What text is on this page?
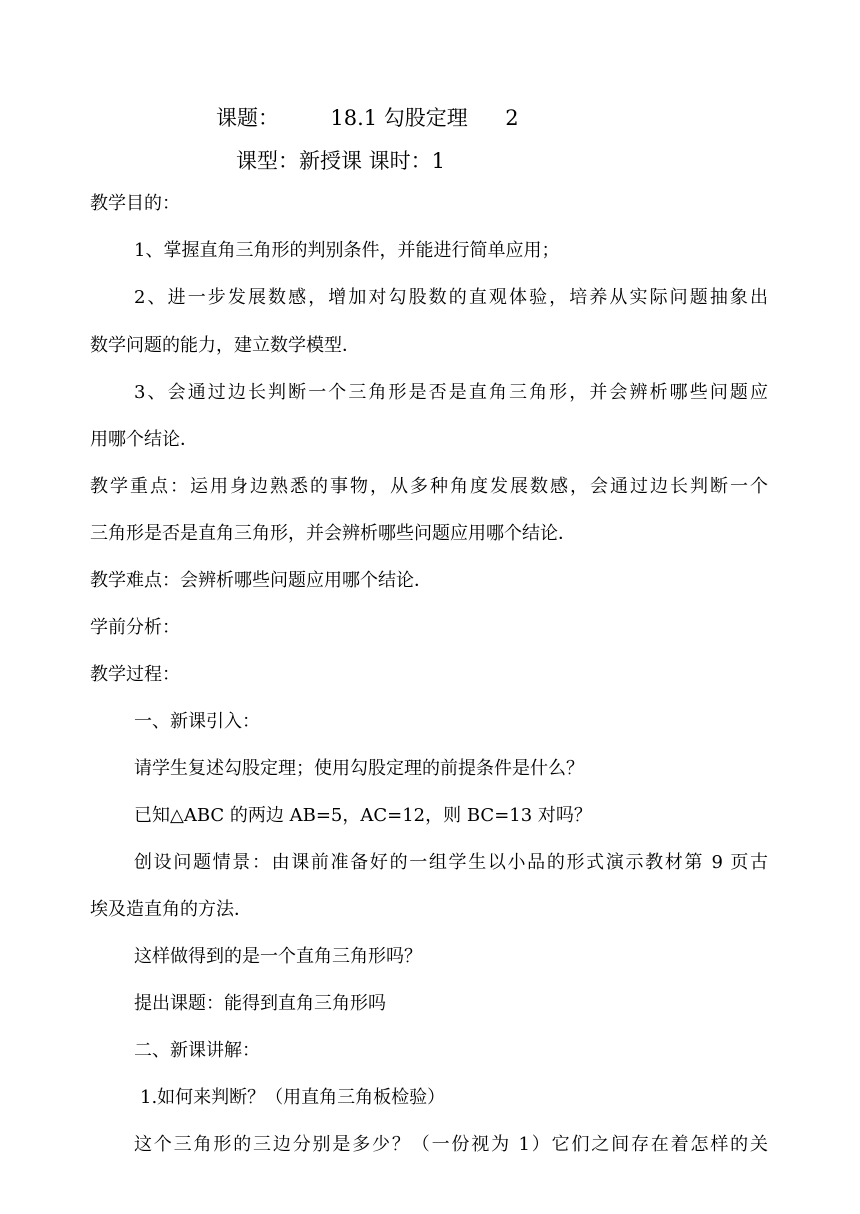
课题： 18.1 勾股定理 2
课型：新授课 课时：1
教学目的：
1、掌握直角三角形的判别条件，并能进行简单应用；
2、进一步发展数感，增加对勾股数的直观体验，培养从实际问题抽象出
数学问题的能力，建立数学模型．
3、会通过边长判断一个三角形是否是直角三角形，并会辨析哪些问题应
用哪个结论．
教学重点：运用身边熟悉的事物，从多种角度发展数感，会通过边长判断一个
三角形是否是直角三角形，并会辨析哪些问题应用哪个结论．
教学难点：会辨析哪些问题应用哪个结论．
学前分析：
教学过程：
一、新课引入：
请学生复述勾股定理；使用勾股定理的前提条件是什么？
已知△ABC 的两边 AB=5，AC=12，则 BC=13 对吗？
创设问题情景：由课前准备好的一组学生以小品的形式演示教材第 9 页古
埃及造直角的方法．
这样做得到的是一个直角三角形吗？
提出课题：能得到直角三角形吗
二、新课讲解：
1.如何来判断？（用直角三角板检验）
这个三角形的三边分别是多少？（一份视为 1）它们之间存在着怎样的关
